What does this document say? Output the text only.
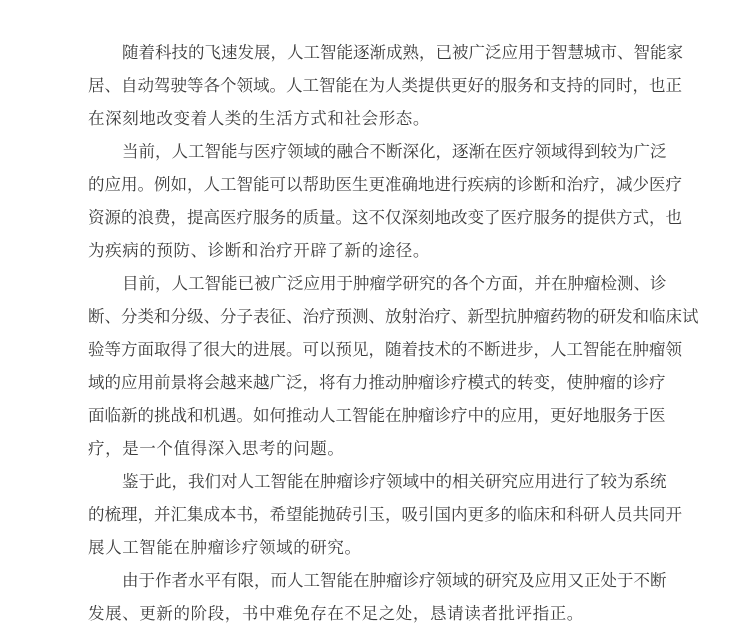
随着科技的飞速发展，人工智能逐渐成熟，已被广泛应用于智慧城市、智能家
居、自动驾驶等各个领域。人工智能在为人类提供更好的服务和支持的同时，也正
在深刻地改变着人类的生活方式和社会形态。
当前，人工智能与医疗领域的融合不断深化，逐渐在医疗领域得到较为广泛
的应用。例如，人工智能可以帮助医生更准确地进行疾病的诊断和治疗，减少医疗
资源的浪费，提高医疗服务的质量。这不仅深刻地改变了医疗服务的提供方式，也
为疾病的预防、诊断和治疗开辟了新的途径。
目前，人工智能已被广泛应用于肿瘤学研究的各个方面，并在肿瘤检测、诊
断、分类和分级、分子表征、治疗预测、放射治疗、新型抗肿瘤药物的研发和临床试
验等方面取得了很大的进展。可以预见，随着技术的不断进步，人工智能在肿瘤领
域的应用前景将会越来越广泛，将有力推动肿瘤诊疗模式的转变，使肿瘤的诊疗
面临新的挑战和机遇。如何推动人工智能在肿瘤诊疗中的应用，更好地服务于医
疗，是一个值得深入思考的问题。
鉴于此，我们对人工智能在肿瘤诊疗领域中的相关研究应用进行了较为系统
的梳理，并汇集成本书，希望能抛砖引玉，吸引国内更多的临床和科研人员共同开
展人工智能在肿瘤诊疗领域的研究。
由于作者水平有限，而人工智能在肿瘤诊疗领域的研究及应用又正处于不断
发展、更新的阶段，书中难免存在不足之处，恳请读者批评指正。
